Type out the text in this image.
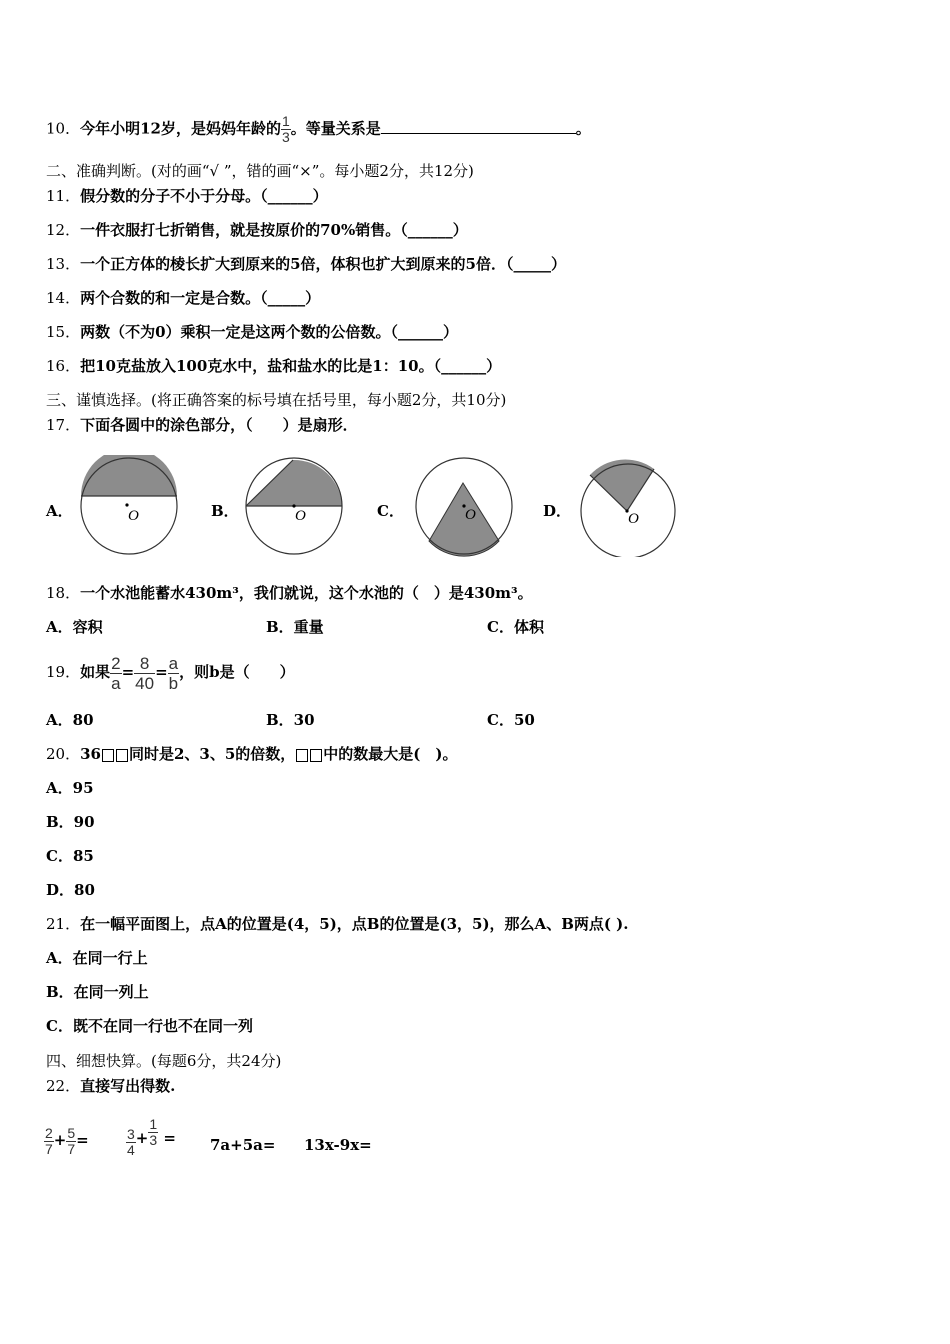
10．今年小明12岁，是妈妈年龄的 $\frac{1}{3}$ 。等量关系是	。
二、准确判断。(对的画“√ ”，错的画“×”。每小题2分，共12分)
11．假分数的分子不小于分母。（______）
12．一件衣服打七折销售，就是按原价的70%销售。（______）
13．一个正方体的棱长扩大到原来的5倍，体积也扩大到原来的5倍．（_____）
14．两个合数的和一定是合数。（_____）
15．两数（不为0）乘积一定是这两个数的公倍数。（______）
16．把10克盐放入100克水中，盐和盐水的比是1：10。（______）
三、谨慎选择。(将正确答案的标号填在括号里，每小题2分，共10分)
17．下面各圆中的涂色部分，（　　）是扇形．
A．	O	B．	O	C．	O	D．	O
18．一个水池能蓄水430m³，我们就说，这个水池的（　）是430m³。
A．容积	B．重量	C．体积
19．如果 $\frac{2}{a} = \frac{8}{40} = \frac{a}{b}$ ，则b是（　　）
A．80	B．30	C．50
20．36 同时是2、3、5的倍数， 中的数最大是(　)。
A．95
B．90
C．85
D．80
21．在一幅平面图上，点A的位置是(4，5)，点B的位置是(3，5)，那么A、B两点( ).
A．在同一行上
B．在同一列上
C．既不在同一行也不在同一列
四、细想快算。(每题6分，共24分)
22．直接写出得数.
$\frac{2}{7} + \frac{5}{7}$ =	$\frac{3}{4} + \frac{1}{3} = 7a+5a= 13x-9x=$
